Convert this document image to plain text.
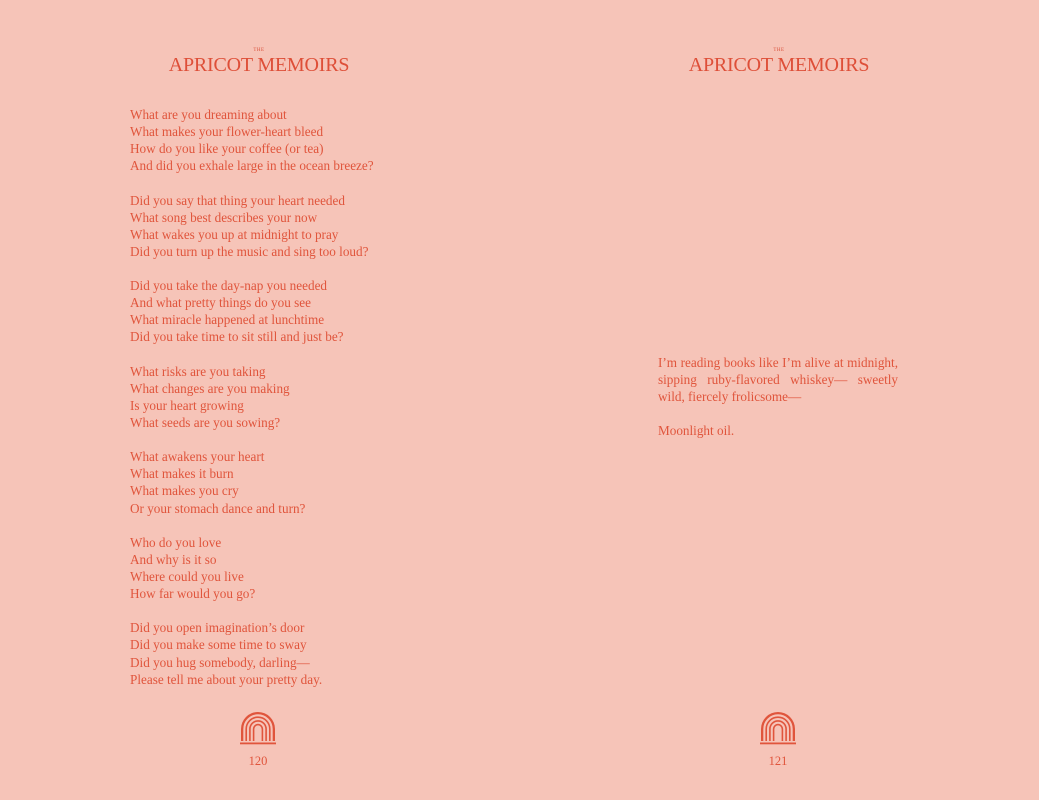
THE
APRICOT MEMOIRS
What are you dreaming about
What makes your flower-heart bleed
How do you like your coffee (or tea)
And did you exhale large in the ocean breeze?
Did you say that thing your heart needed
What song best describes your now
What wakes you up at midnight to pray
Did you turn up the music and sing too loud?
Did you take the day-nap you needed
And what pretty things do you see
What miracle happened at lunchtime
Did you take time to sit still and just be?
What risks are you taking
What changes are you making
Is your heart growing
What seeds are you sowing?
What awakens your heart
What makes it burn
What makes you cry
Or your stomach dance and turn?
Who do you love
And why is it so
Where could you live
How far would you go?
Did you open imagination’s door
Did you make some time to sway
Did you hug somebody, darling—
Please tell me about your pretty day.
120
THE
APRICOT MEMOIRS

I’m reading books like I’m alive at midnight, sipping ruby-flavored whiskey— sweetly wild, fiercely frolicsome—

Moonlight oil.

121
